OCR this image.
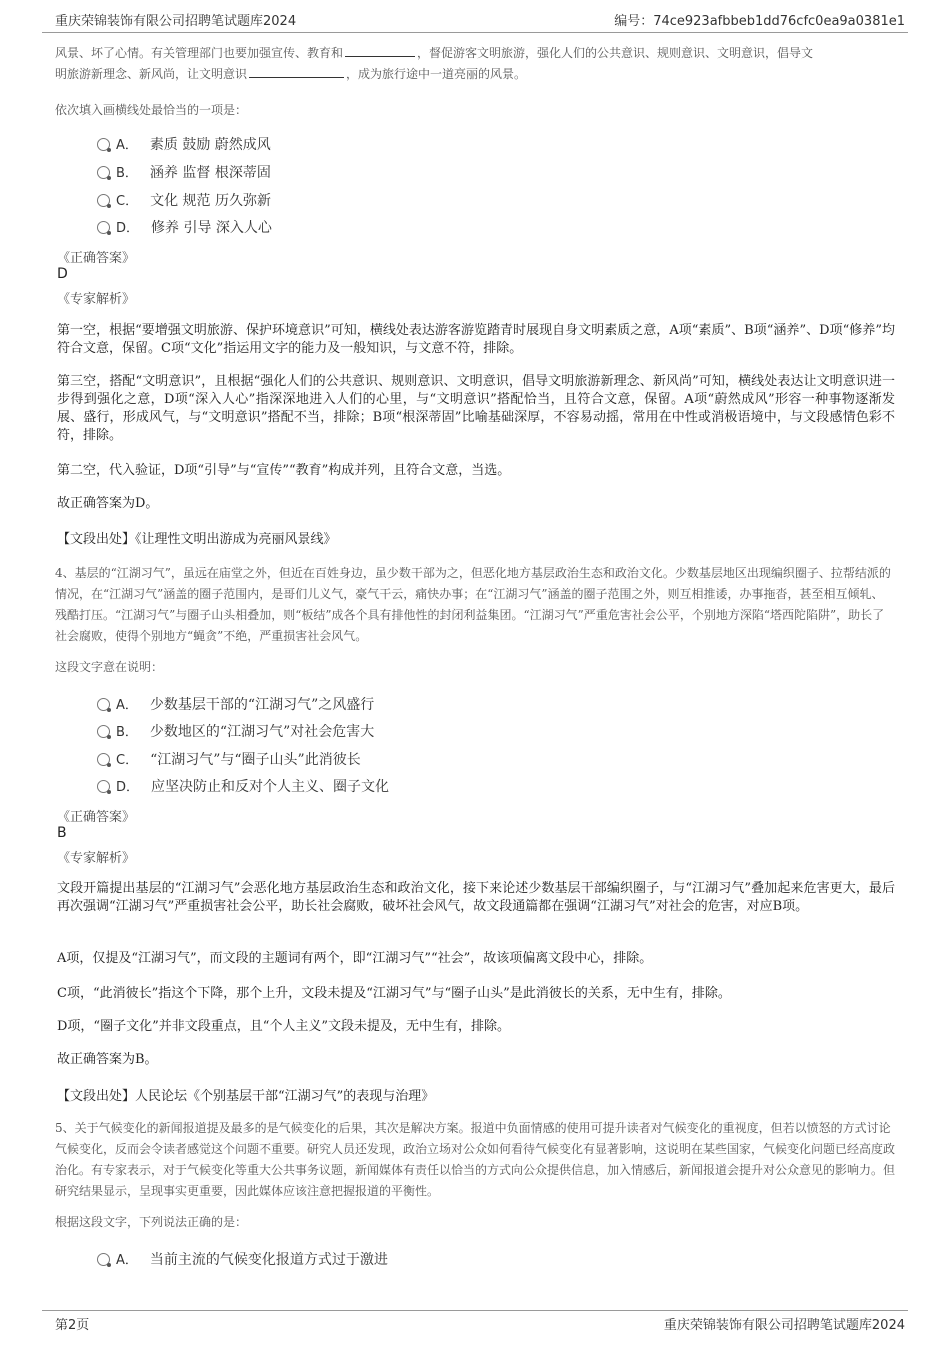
重庆荣锦装饰有限公司招聘笔试题库2024	编号：74ce923afbbeb1dd76cfc0ea9a0381e1
风景、坏了心情。有关管理部门也要加强宣传、教育和	，督促游客文明旅游，强化人们的公共意识、规则意识、文明意识，倡导文
明旅游新理念、新风尚，让文明意识	，成为旅行途中一道亮丽的风景。
依次填入画横线处最恰当的一项是：
A． 素质 鼓励 蔚然成风
B． 涵养 监督 根深蒂固
C． 文化 规范 历久弥新
D． 修养 引导 深入人心
《正确答案》
D
《专家解析》
第一空，根据“要增强文明旅游、保护环境意识”可知，横线处表达游客游览踏青时展现自身文明素质之意，A项“素质”、B项“涵养”、D项“修养”均符合文意，保留。C项“文化”指运用文字的能力及一般知识，与文意不符，排除。
第三空，搭配“文明意识”，且根据“强化人们的公共意识、规则意识、文明意识，倡导文明旅游新理念、新风尚”可知，横线处表达让文明意识进一步得到强化之意，D项“深入人心”指深深地进入人们的心里，与“文明意识”搭配恰当，且符合文意，保留。A项“蔚然成风”形容一种事物逐渐发展、盛行，形成风气，与“文明意识”搭配不当，排除；B项“根深蒂固”比喻基础深厚，不容易动摇，常用在中性或消极语境中，与文段感情色彩不符，排除。
第二空，代入验证，D项“引导”与“宣传”“教育”构成并列，且符合文意，当选。
故正确答案为D。
【文段出处】《让理性文明出游成为亮丽风景线》
4、基层的“江湖习气”，虽远在庙堂之外，但近在百姓身边，虽少数干部为之，但恶化地方基层政治生态和政治文化。少数基层地区出现编织圈子、拉帮结派的情况，在“江湖习气”涵盖的圈子范围内，是哥们儿义气，豪气干云，痛快办事；在“江湖习气”涵盖的圈子范围之外，则互相推诿，办事拖沓，甚至相互倾轧、残酷打压。“江湖习气”与圈子山头相叠加，则“板结”成各个具有排他性的封闭利益集团。“江湖习气”严重危害社会公平，个别地方深陷“塔西陀陷阱”，助长了社会腐败，使得个别地方“蝇贪”不绝，严重损害社会风气。
这段文字意在说明：
A． 少数基层干部的“江湖习气”之风盛行
B． 少数地区的“江湖习气”对社会危害大
C． “江湖习气”与“圈子山头”此消彼长
D． 应坚决防止和反对个人主义、圈子文化
《正确答案》
B
《专家解析》
文段开篇提出基层的“江湖习气”会恶化地方基层政治生态和政治文化，接下来论述少数基层干部编织圈子，与“江湖习气”叠加起来危害更大，最后再次强调“江湖习气”严重损害社会公平，助长社会腐败，破坏社会风气，故文段通篇都在强调“江湖习气”对社会的危害，对应B项。
A项，仅提及“江湖习气”，而文段的主题词有两个，即“江湖习气”“社会”，故该项偏离文段中心，排除。
C项，“此消彼长”指这个下降，那个上升，文段未提及“江湖习气”与“圈子山头”是此消彼长的关系，无中生有，排除。
D项，“圈子文化”并非文段重点，且“个人主义”文段未提及，无中生有，排除。
故正确答案为B。
【文段出处】人民论坛《个别基层干部“江湖习气”的表现与治理》
5、关于气候变化的新闻报道提及最多的是气候变化的后果，其次是解决方案。报道中负面情感的使用可提升读者对气候变化的重视度，但若以愤怒的方式讨论气候变化，反而会令读者感觉这个问题不重要。研究人员还发现，政治立场对公众如何看待气候变化有显著影响，这说明在某些国家，气候变化问题已经高度政治化。有专家表示，对于气候变化等重大公共事务议题，新闻媒体有责任以恰当的方式向公众提供信息，加入情感后，新闻报道会提升对公众意见的影响力。但研究结果显示，呈现事实更重要，因此媒体应该注意把握报道的平衡性。
根据这段文字，下列说法正确的是：
A． 当前主流的气候变化报道方式过于激进
第2页	重庆荣锦装饰有限公司招聘笔试题库2024
